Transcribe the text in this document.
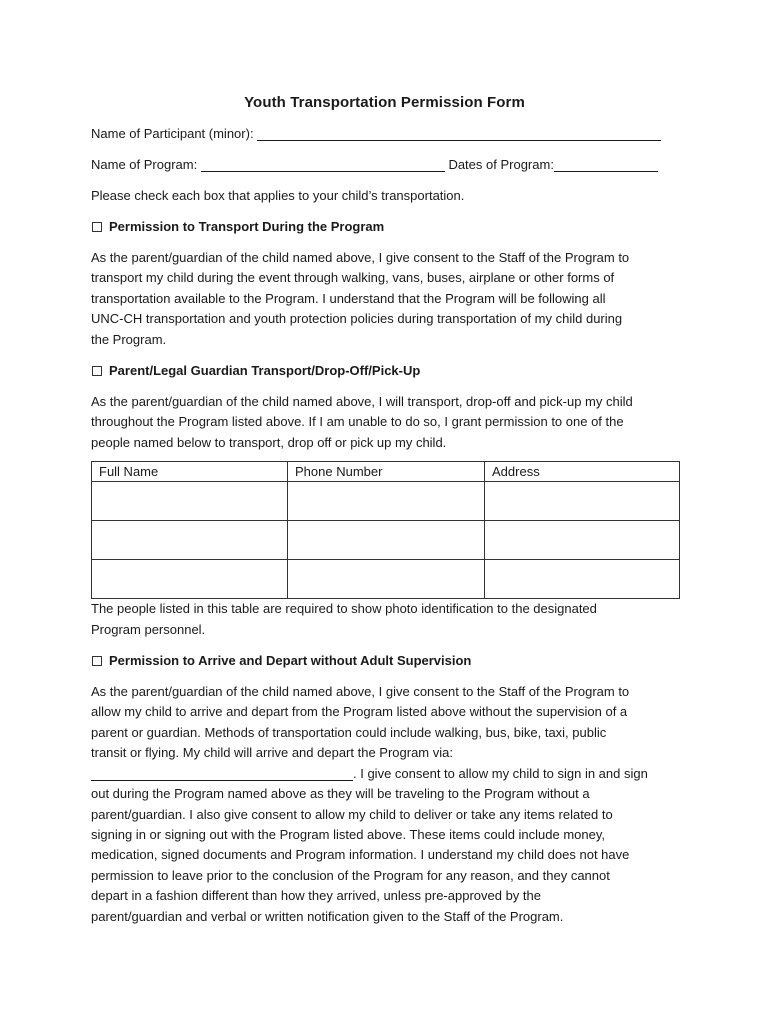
Youth Transportation Permission Form

Name of Participant (minor):

Name of Program:	Dates of Program:

Please check each box that applies to your child’s transportation.

Permission to Transport During the Program

As the parent/guardian of the child named above, I give consent to the Staff of the Program to
transport my child during the event through walking, vans, buses, airplane or other forms of
transportation available to the Program. I understand that the Program will be following all
UNC-CH transportation and youth protection policies during transportation of my child during
the Program.

Parent/Legal Guardian Transport/Drop-Off/Pick-Up

As the parent/guardian of the child named above, I will transport, drop-off and pick-up my child
throughout the Program listed above. If I am unable to do so, I grant permission to one of the
people named below to transport, drop off or pick up my child.
Full Name	Phone Number	Address

The people listed in this table are required to show photo identification to the designated
Program personnel.

Permission to Arrive and Depart without Adult Supervision

As the parent/guardian of the child named above, I give consent to the Staff of the Program to
allow my child to arrive and depart from the Program listed above without the supervision of a
parent or guardian. Methods of transportation could include walking, bus, bike, taxi, public
transit or flying. My child will arrive and depart the Program via:
. I give consent to allow my child to sign in and sign
out during the Program named above as they will be traveling to the Program without a
parent/guardian. I also give consent to allow my child to deliver or take any items related to
signing in or signing out with the Program listed above. These items could include money,
medication, signed documents and Program information. I understand my child does not have
permission to leave prior to the conclusion of the Program for any reason, and they cannot
depart in a fashion different than how they arrived, unless pre-approved by the
parent/guardian and verbal or written notification given to the Staff of the Program.
